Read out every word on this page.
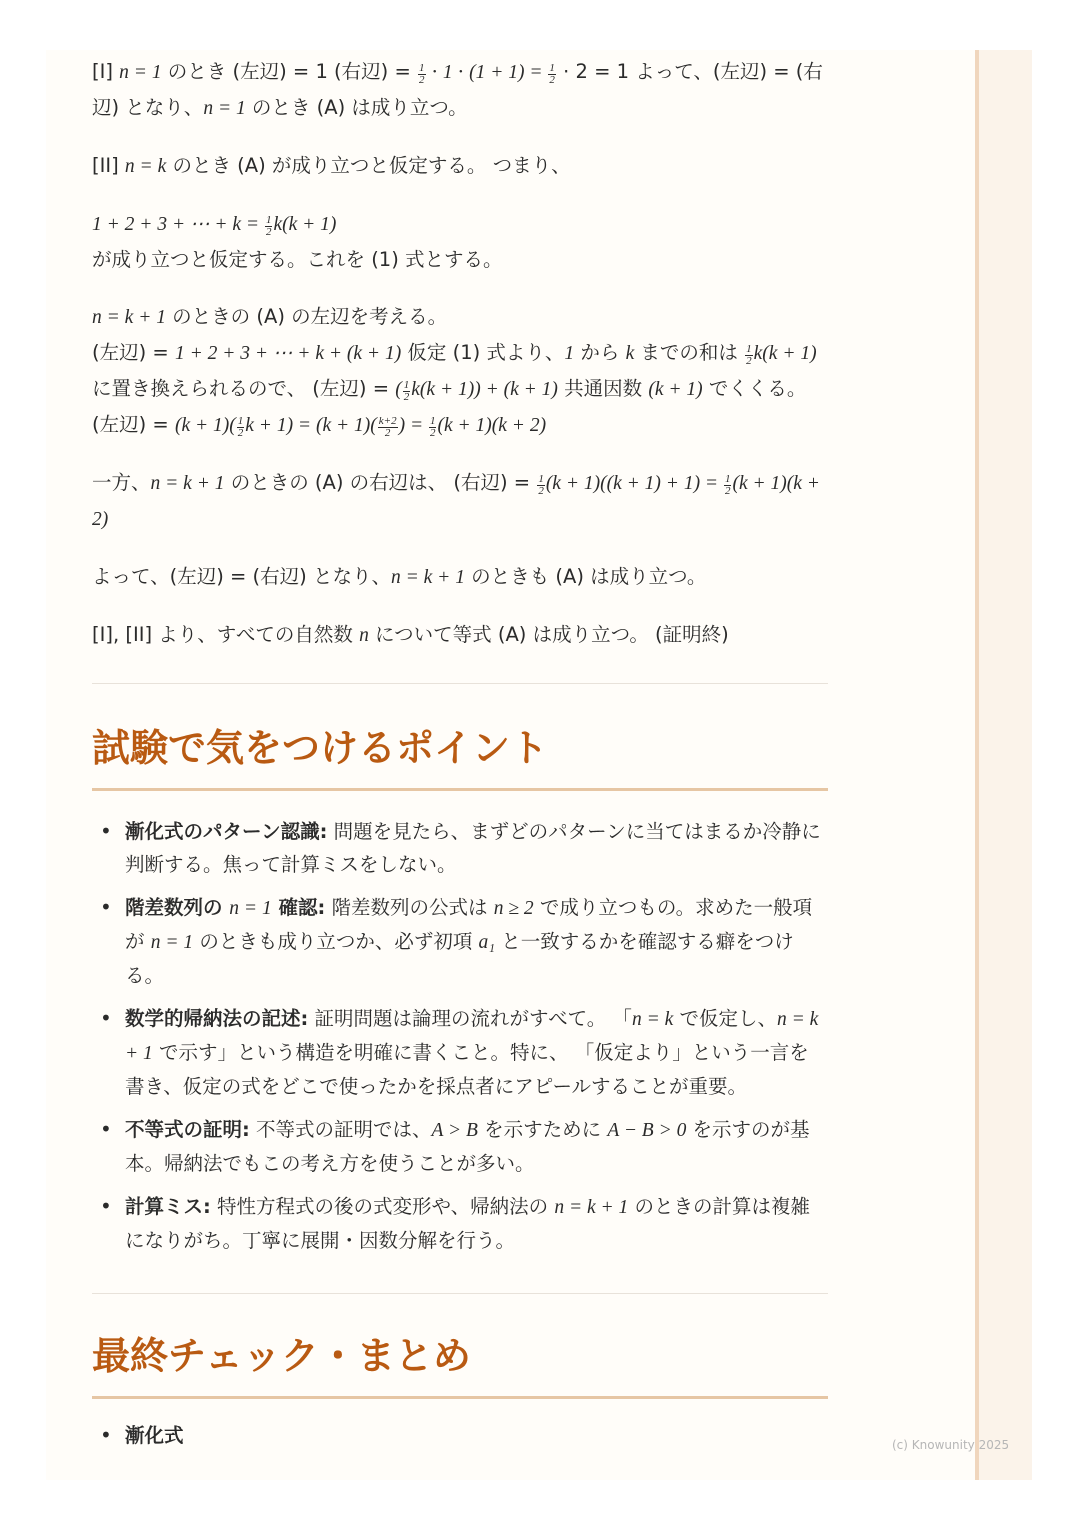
[I] n = 1 のとき (左辺) = 1 (右辺) = $\frac{1}{2} \cdot 1 \cdot (1 + 1) = \frac{1}{2} \cdot 2 = 1$ よって、(左辺) = (右辺) となり、n = 1 のとき (A) は成り立つ。

[II] n = k のとき (A) が成り立つと仮定する。 つまり、

1 + 2 + 3 + ⋯ + $k = \frac{1}{2} k(k + 1)$
が成り立つと仮定する。これを (1) 式とする。

n = k + 1 のときの (A) の左辺を考える。
(左辺) = 1 + 2 + 3 + ⋯ + k + (k + 1) 仮定 (1) 式より、1 から k までの和は $\frac{1}{2} k(k + 1)$ に置き換えられるので、 (左辺) = ( $\frac{1}{2} k(k + 1)) + (k + 1)$ 共通因数 (k + 1) でくくる。 (左辺) = $(k + 1)( \frac{1}{2}$ $k + 1) = (k + 1)( \frac{k+2}{2}$ ) = $\frac{1}{2} (k + 1)(k + 2)$

一方、n = k + 1 のときの (A) の右辺は、 (右辺) = $\frac{1}{2} (k + 1)((k + 1) + 1) = \frac{1}{2} (k + 1)(k + 2)$

よって、(左辺) = (右辺) となり、n = k + 1 のときも (A) は成り立つ。

[I], [II] より、すべての自然数 n について等式 (A) は成り立つ。 (証明終)

試験で気をつけるポイント
• 漸化式のパターン認識: 問題を見たら、まずどのパターンに当てはまるか冷静に判断する。焦って計算ミスをしない。
• 階差数列の n = 1 確認: 階差数列の公式は n ≥ 2 で成り立つもの。求めた一般項が n = 1 のときも成り立つか、必ず初項 a₁ と一致するかを確認する癖をつける。
• 数学的帰納法の記述: 証明問題は論理の流れがすべて。 「n = k で仮定し、n = k + 1 で示す」という構造を明確に書くこと。特に、 「仮定より」という一言を書き、仮定の式をどこで使ったかを採点者にアピールすることが重要。
• 不等式の証明: 不等式の証明では、A > B を示すために A − B > 0 を示すのが基本。帰納法でもこの考え方を使うことが多い。
• 計算ミス: 特性方程式の後の式変形や、帰納法の n = k + 1 のときの計算は複雑になりがち。丁寧に展開・因数分解を行う。
最終チェック・まとめ
• 漸化式	(c) Knowunity 2025
